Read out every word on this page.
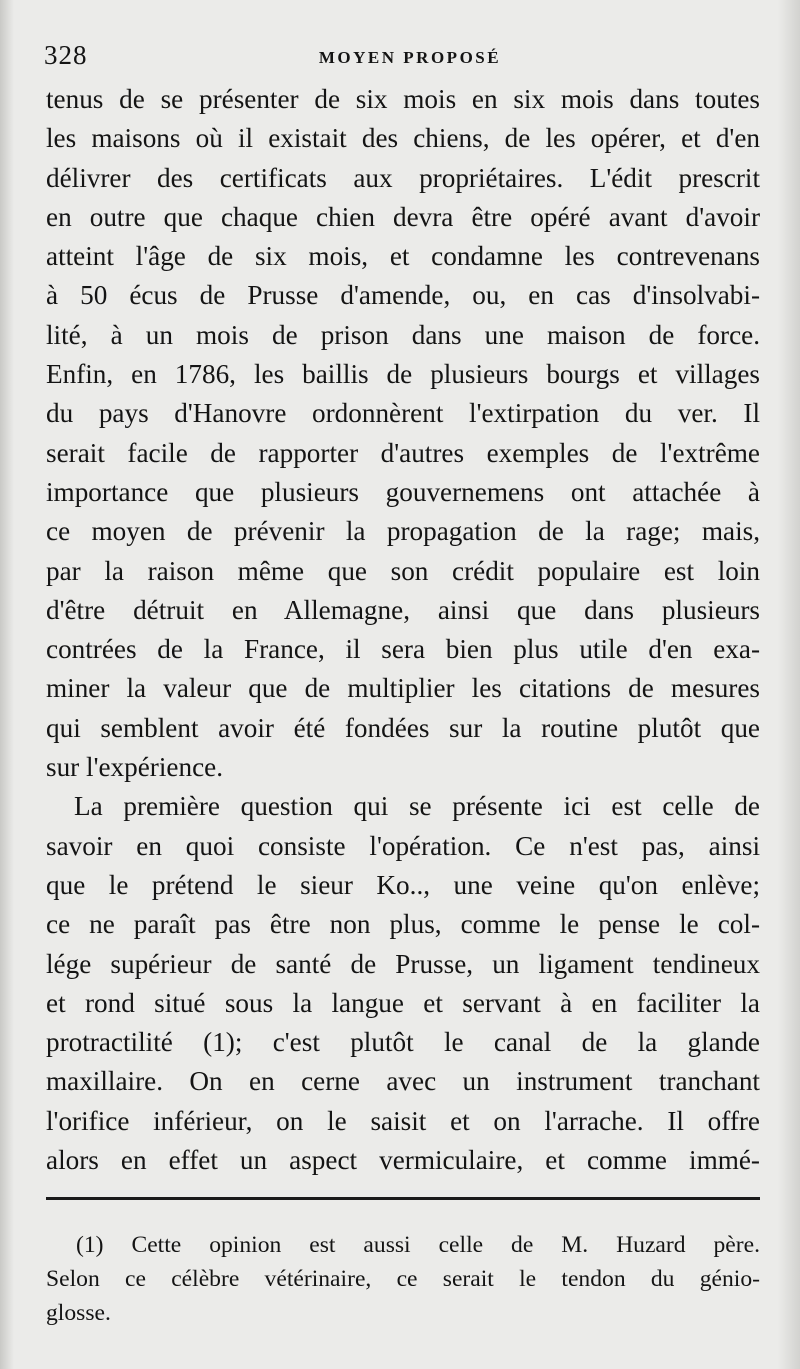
328	MOYEN PROPOSÉ
tenus de se présenter de six mois en six mois dans toutes
les maisons où il existait des chiens, de les opérer, et d'en
délivrer des certificats aux propriétaires. L'édit prescrit
en outre que chaque chien devra être opéré avant d'avoir
atteint l'âge de six mois, et condamne les contrevenans
à 50 écus de Prusse d'amende, ou, en cas d'insolvabi-
lité, à un mois de prison dans une maison de force.
Enfin, en 1786, les baillis de plusieurs bourgs et villages
du pays d'Hanovre ordonnèrent l'extirpation du ver. Il
serait facile de rapporter d'autres exemples de l'extrême
importance que plusieurs gouvernemens ont attachée à
ce moyen de prévenir la propagation de la rage; mais,
par la raison même que son crédit populaire est loin
d'être détruit en Allemagne, ainsi que dans plusieurs
contrées de la France, il sera bien plus utile d'en exa-
miner la valeur que de multiplier les citations de mesures
qui semblent avoir été fondées sur la routine plutôt que
sur l'expérience.
La première question qui se présente ici est celle de
savoir en quoi consiste l'opération. Ce n'est pas, ainsi
que le prétend le sieur Ko.., une veine qu'on enlève;
ce ne paraît pas être non plus, comme le pense le col-
lége supérieur de santé de Prusse, un ligament tendineux
et rond situé sous la langue et servant à en faciliter la
protractilité (1); c'est plutôt le canal de la glande
maxillaire. On en cerne avec un instrument tranchant
l'orifice inférieur, on le saisit et on l'arrache. Il offre
alors en effet un aspect vermiculaire, et comme immé-
(1) Cette opinion est aussi celle de M. Huzard père.
Selon ce célèbre vétérinaire, ce serait le tendon du génio-
glosse.
